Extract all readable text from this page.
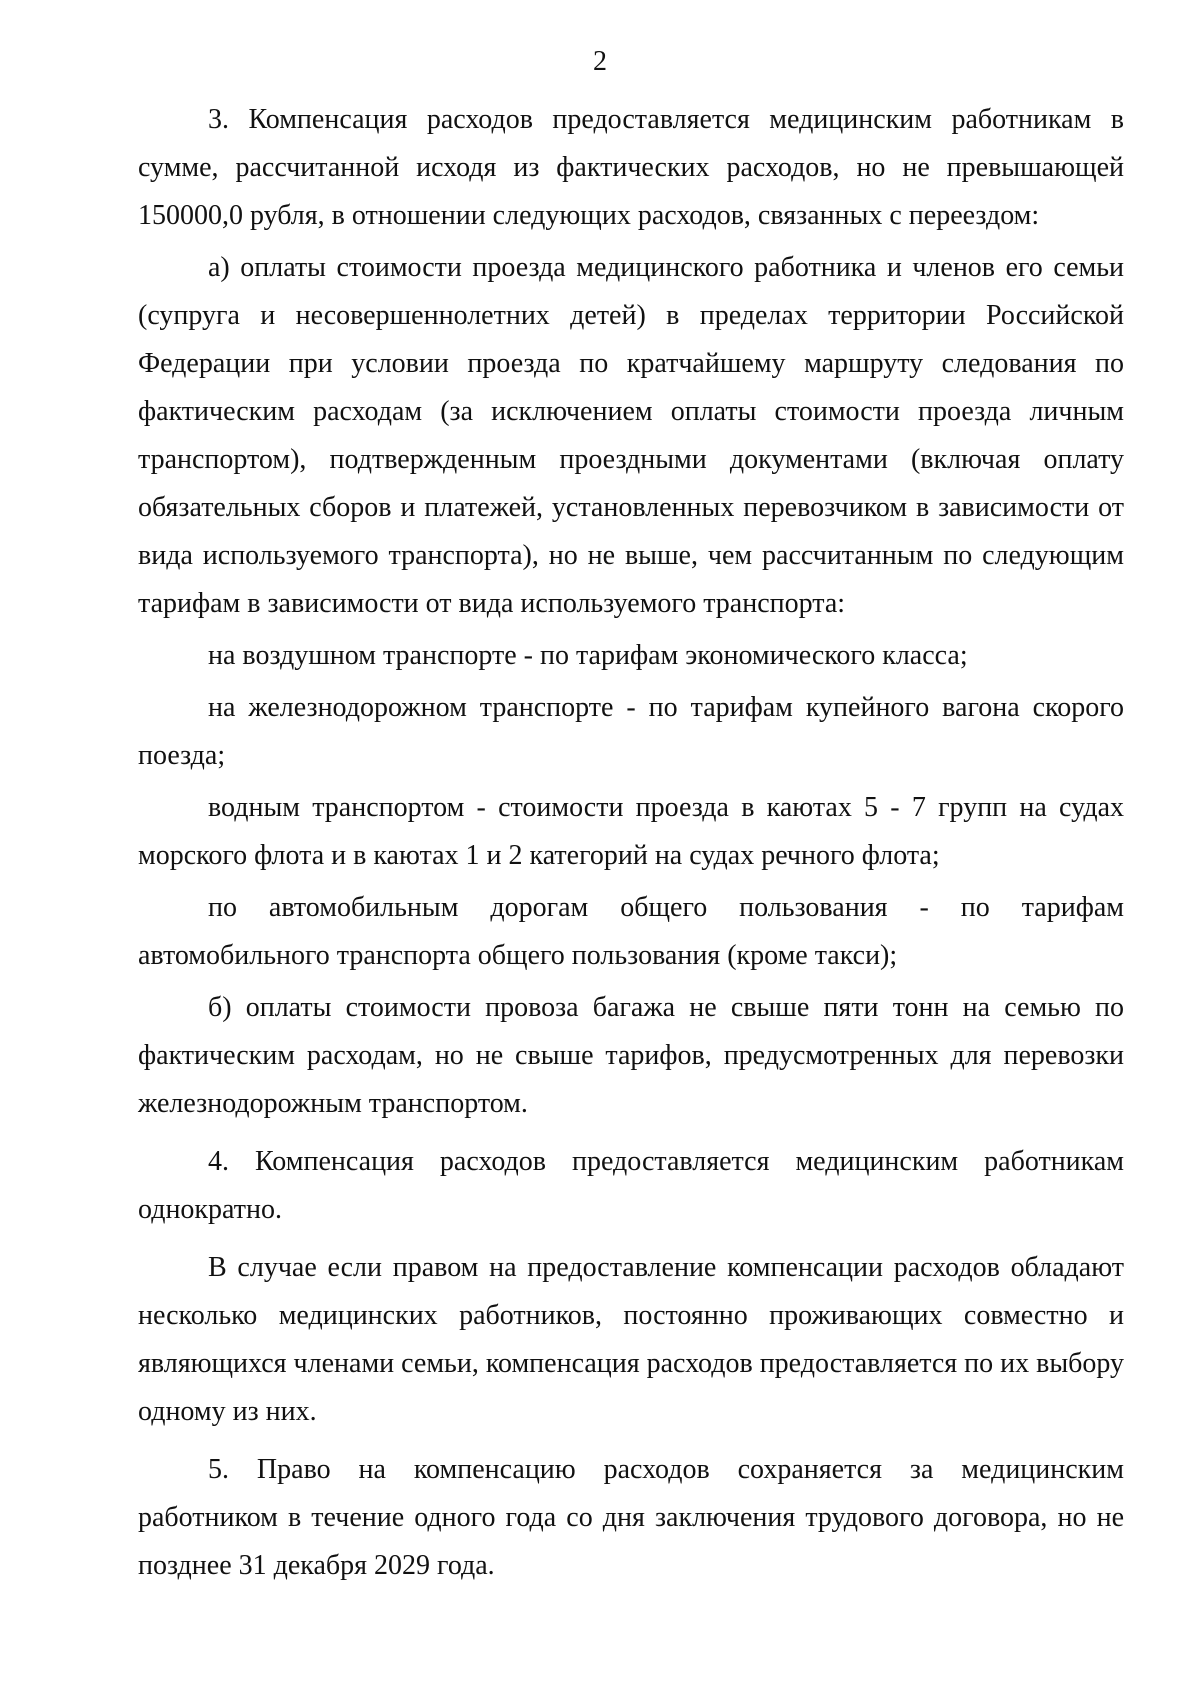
2

3. Компенсация расходов предоставляется медицинским работникам в сумме, рассчитанной исходя из фактических расходов, но не превышающей 150000,0 рубля, в отношении следующих расходов, связанных с переездом:

а) оплаты стоимости проезда медицинского работника и членов его семьи (супруга и несовершеннолетних детей) в пределах территории Российской Федерации при условии проезда по кратчайшему маршруту следования по фактическим расходам (за исключением оплаты стоимости проезда личным транспортом), подтвержденным проездными документами (включая оплату обязательных сборов и платежей, установленных перевозчиком в зависимости от вида используемого транспорта), но не выше, чем рассчитанным по следующим тарифам в зависимости от вида используемого транспорта:

на воздушном транспорте - по тарифам экономического класса;

на железнодорожном транспорте - по тарифам купейного вагона скорого поезда;

водным транспортом - стоимости проезда в каютах 5 - 7 групп на судах морского флота и в каютах 1 и 2 категорий на судах речного флота;

по автомобильным дорогам общего пользования - по тарифам автомобильного транспорта общего пользования (кроме такси);

б) оплаты стоимости провоза багажа не свыше пяти тонн на семью по фактическим расходам, но не свыше тарифов, предусмотренных для перевозки железнодорожным транспортом.

4. Компенсация расходов предоставляется медицинским работникам однократно.

В случае если правом на предоставление компенсации расходов обладают несколько медицинских работников, постоянно проживающих совместно и являющихся членами семьи, компенсация расходов предоставляется по их выбору одному из них.

5. Право на компенсацию расходов сохраняется за медицинским работником в течение одного года со дня заключения трудового договора, но не позднее 31 декабря 2029 года.
